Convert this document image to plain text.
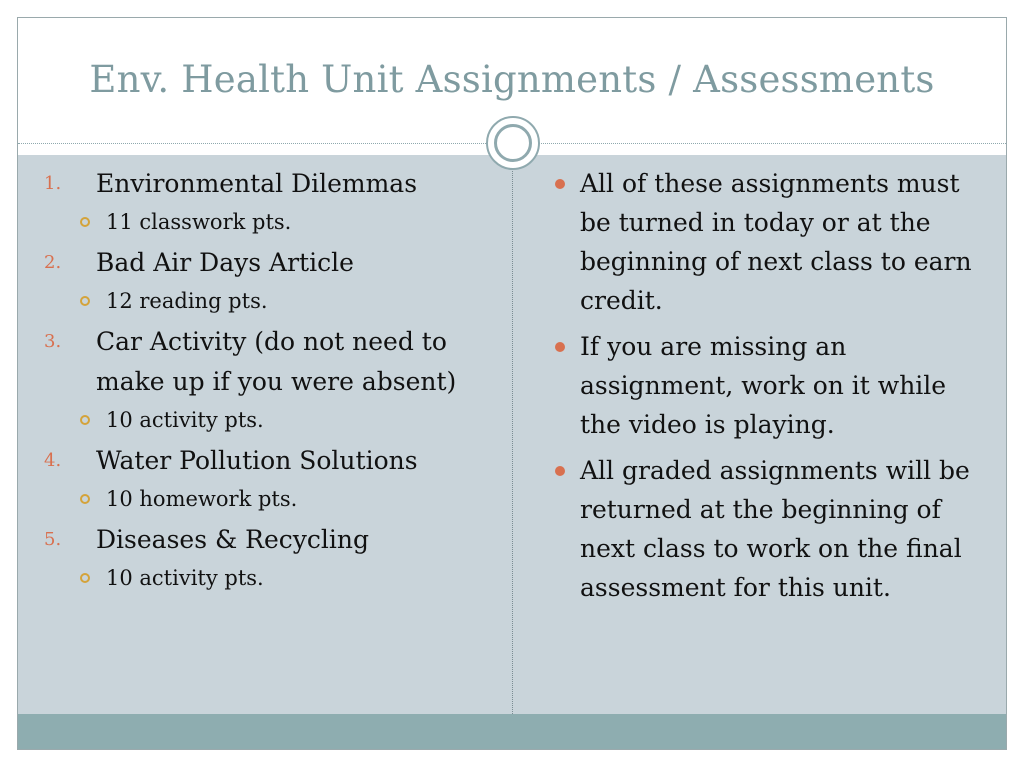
Env. Health Unit Assignments / Assessments
1. Environmental Dilemmas
11 classwork pts.
2. Bad Air Days Article
12 reading pts.
3. Car Activity (do not need to make up if you were absent)
10 activity pts.
4. Water Pollution Solutions
10 homework pts.
5. Diseases & Recycling
10 activity pts.
All of these assignments must be turned in today or at the beginning of next class to earn credit.
If you are missing an assignment, work on it while the video is playing.
All graded assignments will be returned at the beginning of next class to work on the final assessment for this unit.
